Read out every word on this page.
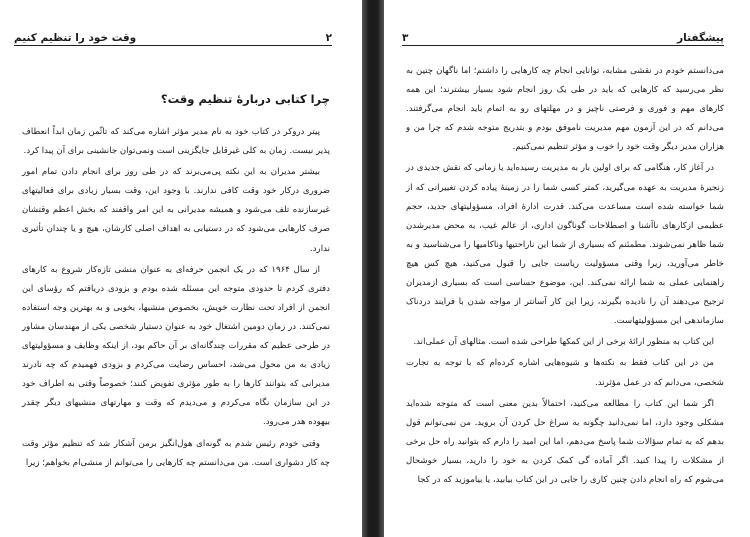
۲
وقت خود را تنظیم کنیم
چرا کتابی دربارهٔ تنظیم وقت؟

پیتر دروکر در کتاب خود به نام مدیر مؤثر اشاره می‌کند که تاثّمن زمان ابداً انعطاف پذیر نیست. زمان به کلی غیرقابل جایگزینی است ونمی‌توان جانشینی برای آن پیدا کرد.

بیشتر مدیران به این نکته پی‌می‌برند که در طی روز برای انجام دادن تمام امور ضروری درکار خود وقت کافی ندارند. با وجود این، وقت بسیار زیادی برای فعالیتهای غیرسازنده تلف می‌شود و همیشه مدیرانی به این امر واقفند که بخش اعظم وقتشان صرف کارهایی می‌شود که در دستیابی به اهداف اصلی کارشان، هیچ و یا چندان تأثیری ندارد.

از سال ۱۹۶۴ که در یک انجمن حرفه‌ای به عنوان منشی تازه‌کار شروع به کارهای دفتری کردم تا حدودی متوجه این مسئله شده بودم و بزودی دریافتم که رؤسای این انجمن از افراد تحت نظارت خویش، بخصوص منشیها، بخوبی و به بهترین وجه استفاده نمی‌کنند. در زمان دومین اشتغال خود به عنوان دستیار شخصی یکی از مهندسان مشاور در طرحی عظیم که مقررات چندگانه‌ای بر آن حاکم بود، از اینکه وظایف و مسؤولیتهای زیادی به من محول می‌شد، احساس رضایت می‌کردم و بزودی فهمیدم که چه نادرند مدیرانی که بتوانند کارها را به طور مؤثری تفویض کنند؛ خصوصاً وقتی به اطراف خود در این سازمان نگاه می‌کردم و می‌دیدم که وقت و مهارتهای منشیهای دیگر چقدر بیهوده هدر می‌رود.

وقتی خودم رئیس شدم به گونه‌ای هول‌انگیز برمن آشکار شد که تنظیم مؤثر وقت چه کار دشواری است. من می‌دانستم چه کارهایی را می‌توانم از منشی‌ام بخواهم؛ زیرا

پیشگفتار
۳

می‌دانستم خودم در نقشی مشابه، توانایی انجام چه کارهایی را داشتم؛ اما ناگهان چنین به نظر می‌رسید که کارهایی که باید در طی یک روز انجام شود بسیار بیشترند؛ این همه کارهای مهم و فوری و فرصتی ناچیز و در مهلتهای رو به اتمام باید انجام می‌گرفتند. می‌دانم که در این آزمون مهم مدیریت ناموفق بودم و بتدریج متوجه شدم که چرا من و هزاران مدیر دیگر وقت خود را خوب و مؤثر تنظیم نمی‌کنیم.

در آغاز کار، هنگامی که برای اولین بار به مدیریت رسیده‌اید یا زمانی که نقش جدیدی در زنجیرهٔ مدیریت به عهده می‌گیرید، کمتر کسی شما را در زمینهٔ پیاده کردن تغییراتی که از شما خواسته شده است مساعدت می‌کند. قدرت ادارهٔ افراد، مسؤولیتهای جدید، حجم عظیمی ازکارهای ناآشنا و اصطلاحات گوناگون اداری، از عالم غیب، به محض مدیرشدن شما ظاهر نمی‌شوند. مطمئنم که بسیاری از شما این ناراحتیها وناکامیها را می‌شناسید و به خاطر می‌آورید، زیرا وقتی مسؤولیت ریاست جایی را قبول می‌کنید، هیچ کس هیچ راهنمایی عملی به شما ارائه نمی‌کند. این، موضوع حساسی است که بسیاری ازمدیران ترجیح می‌دهند آن را نادیده بگیرند، زیرا این کار آسانتر از مواجه شدن با فرایند دردناک سازماندهی این مسؤولیتهاست.

این کتاب به منظور ارائهٔ برخی از این کمکها طراحی شده است. مثالهای آن عملی‌اند.

من در این کتاب فقط به نکته‌ها و شیوه‌هایی اشاره کرده‌ام که با توجه به تجارت شخصی، می‌دانم که در عمل مؤثرند.

اگر شما این کتاب را مطالعه می‌کنید، احتمالاً بدین معنی است که متوجه شده‌اید مشکلی وجود دارد، اما نمی‌دانید چگونه به سراغ حل کردن آن بروید. من نمی‌توانم قول بدهم که به تمام سؤالات شما پاسخ می‌دهم، اما این امید را دارم که بتوانید راه حل برخی از مشکلات را پیدا کنید. اگر آماده گی کمک کردن به خود را دارید، بسیار خوشحال می‌شوم که راه انجام دادن چنین کاری را جایی در این کتاب بیابید، یا بیاموزید که در کجا
